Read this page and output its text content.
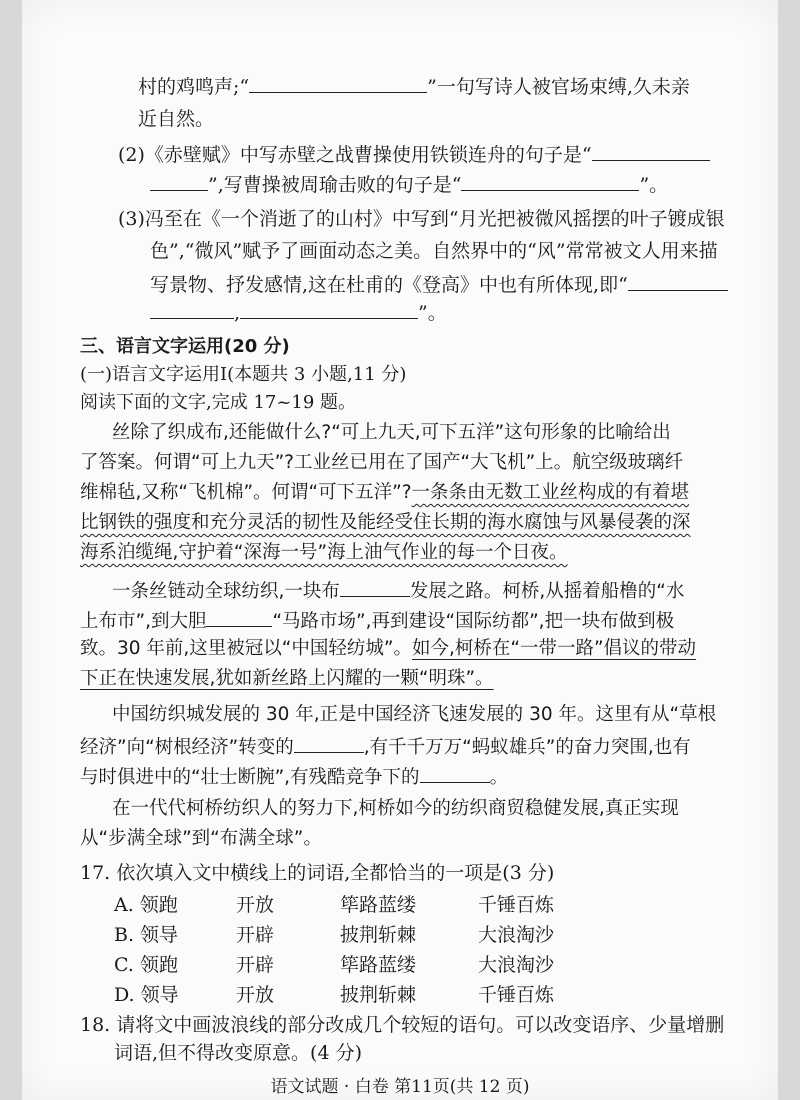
村的鸡鸣声;“	”一句写诗人被官场束缚,久未亲
近自然。
(2)《赤壁赋》中写赤壁之战曹操使用铁锁连舟的句子是“
”,写曹操被周瑜击败的句子是“	”。
(3)冯至在《一个消逝了的山村》中写到“月光把被微风摇摆的叶子镀成银
色”,“微风”赋予了画面动态之美。自然界中的“风”常常被文人用来描
写景物、抒发感情,这在杜甫的《登高》中也有所体现,即“
,	”。
三、语言文字运用(20 分)
(一)语言文字运用Ⅰ(本题共 3 小题,11 分)
阅读下面的文字,完成 17~19 题。
丝除了织成布,还能做什么?“可上九天,可下五洋”这句形象的比喻给出
了答案。何谓“可上九天”?工业丝已用在了国产“大飞机”上。航空级玻璃纤
维棉毡,又称“飞机棉”。何谓“可下五洋”?一条条由无数工业丝构成的有着堪
比钢铁的强度和充分灵活的韧性及能经受住长期的海水腐蚀与风暴侵袭的深
海系泊缆绳,守护着“深海一号”海上油气作业的每一个日夜。
一条丝链动全球纺织,一块布	发展之路。柯桥,从摇着船橹的“水
上布市”,到大胆	“马路市场”,再到建设“国际纺都”,把一块布做到极
致。30 年前,这里被冠以“中国轻纺城”。如今,柯桥在“一带一路”倡议的带动
下正在快速发展,犹如新丝路上闪耀的一颗“明珠”。
中国纺织城发展的 30 年,正是中国经济飞速发展的 30 年。这里有从“草根
经济”向“树根经济”转变的	,有千千万万“蚂蚁雄兵”的奋力突围,也有
与时俱进中的“壮士断腕”,有残酷竞争下的	。
在一代代柯桥纺织人的努力下,柯桥如今的纺织商贸稳健发展,真正实现
从“步满全球”到“布满全球”。
17. 依次填入文中横线上的词语,全都恰当的一项是(3 分)
A. 领跑	开放	筚路蓝缕	千锤百炼
B. 领导	开辟	披荆斩棘	大浪淘沙
C. 领跑	开辟	筚路蓝缕	大浪淘沙
D. 领导	开放	披荆斩棘	千锤百炼
18. 请将文中画波浪线的部分改成几个较短的语句。可以改变语序、少量增删
词语,但不得改变原意。(4 分)
语文试题 · 白卷 第11页(共 12 页)
